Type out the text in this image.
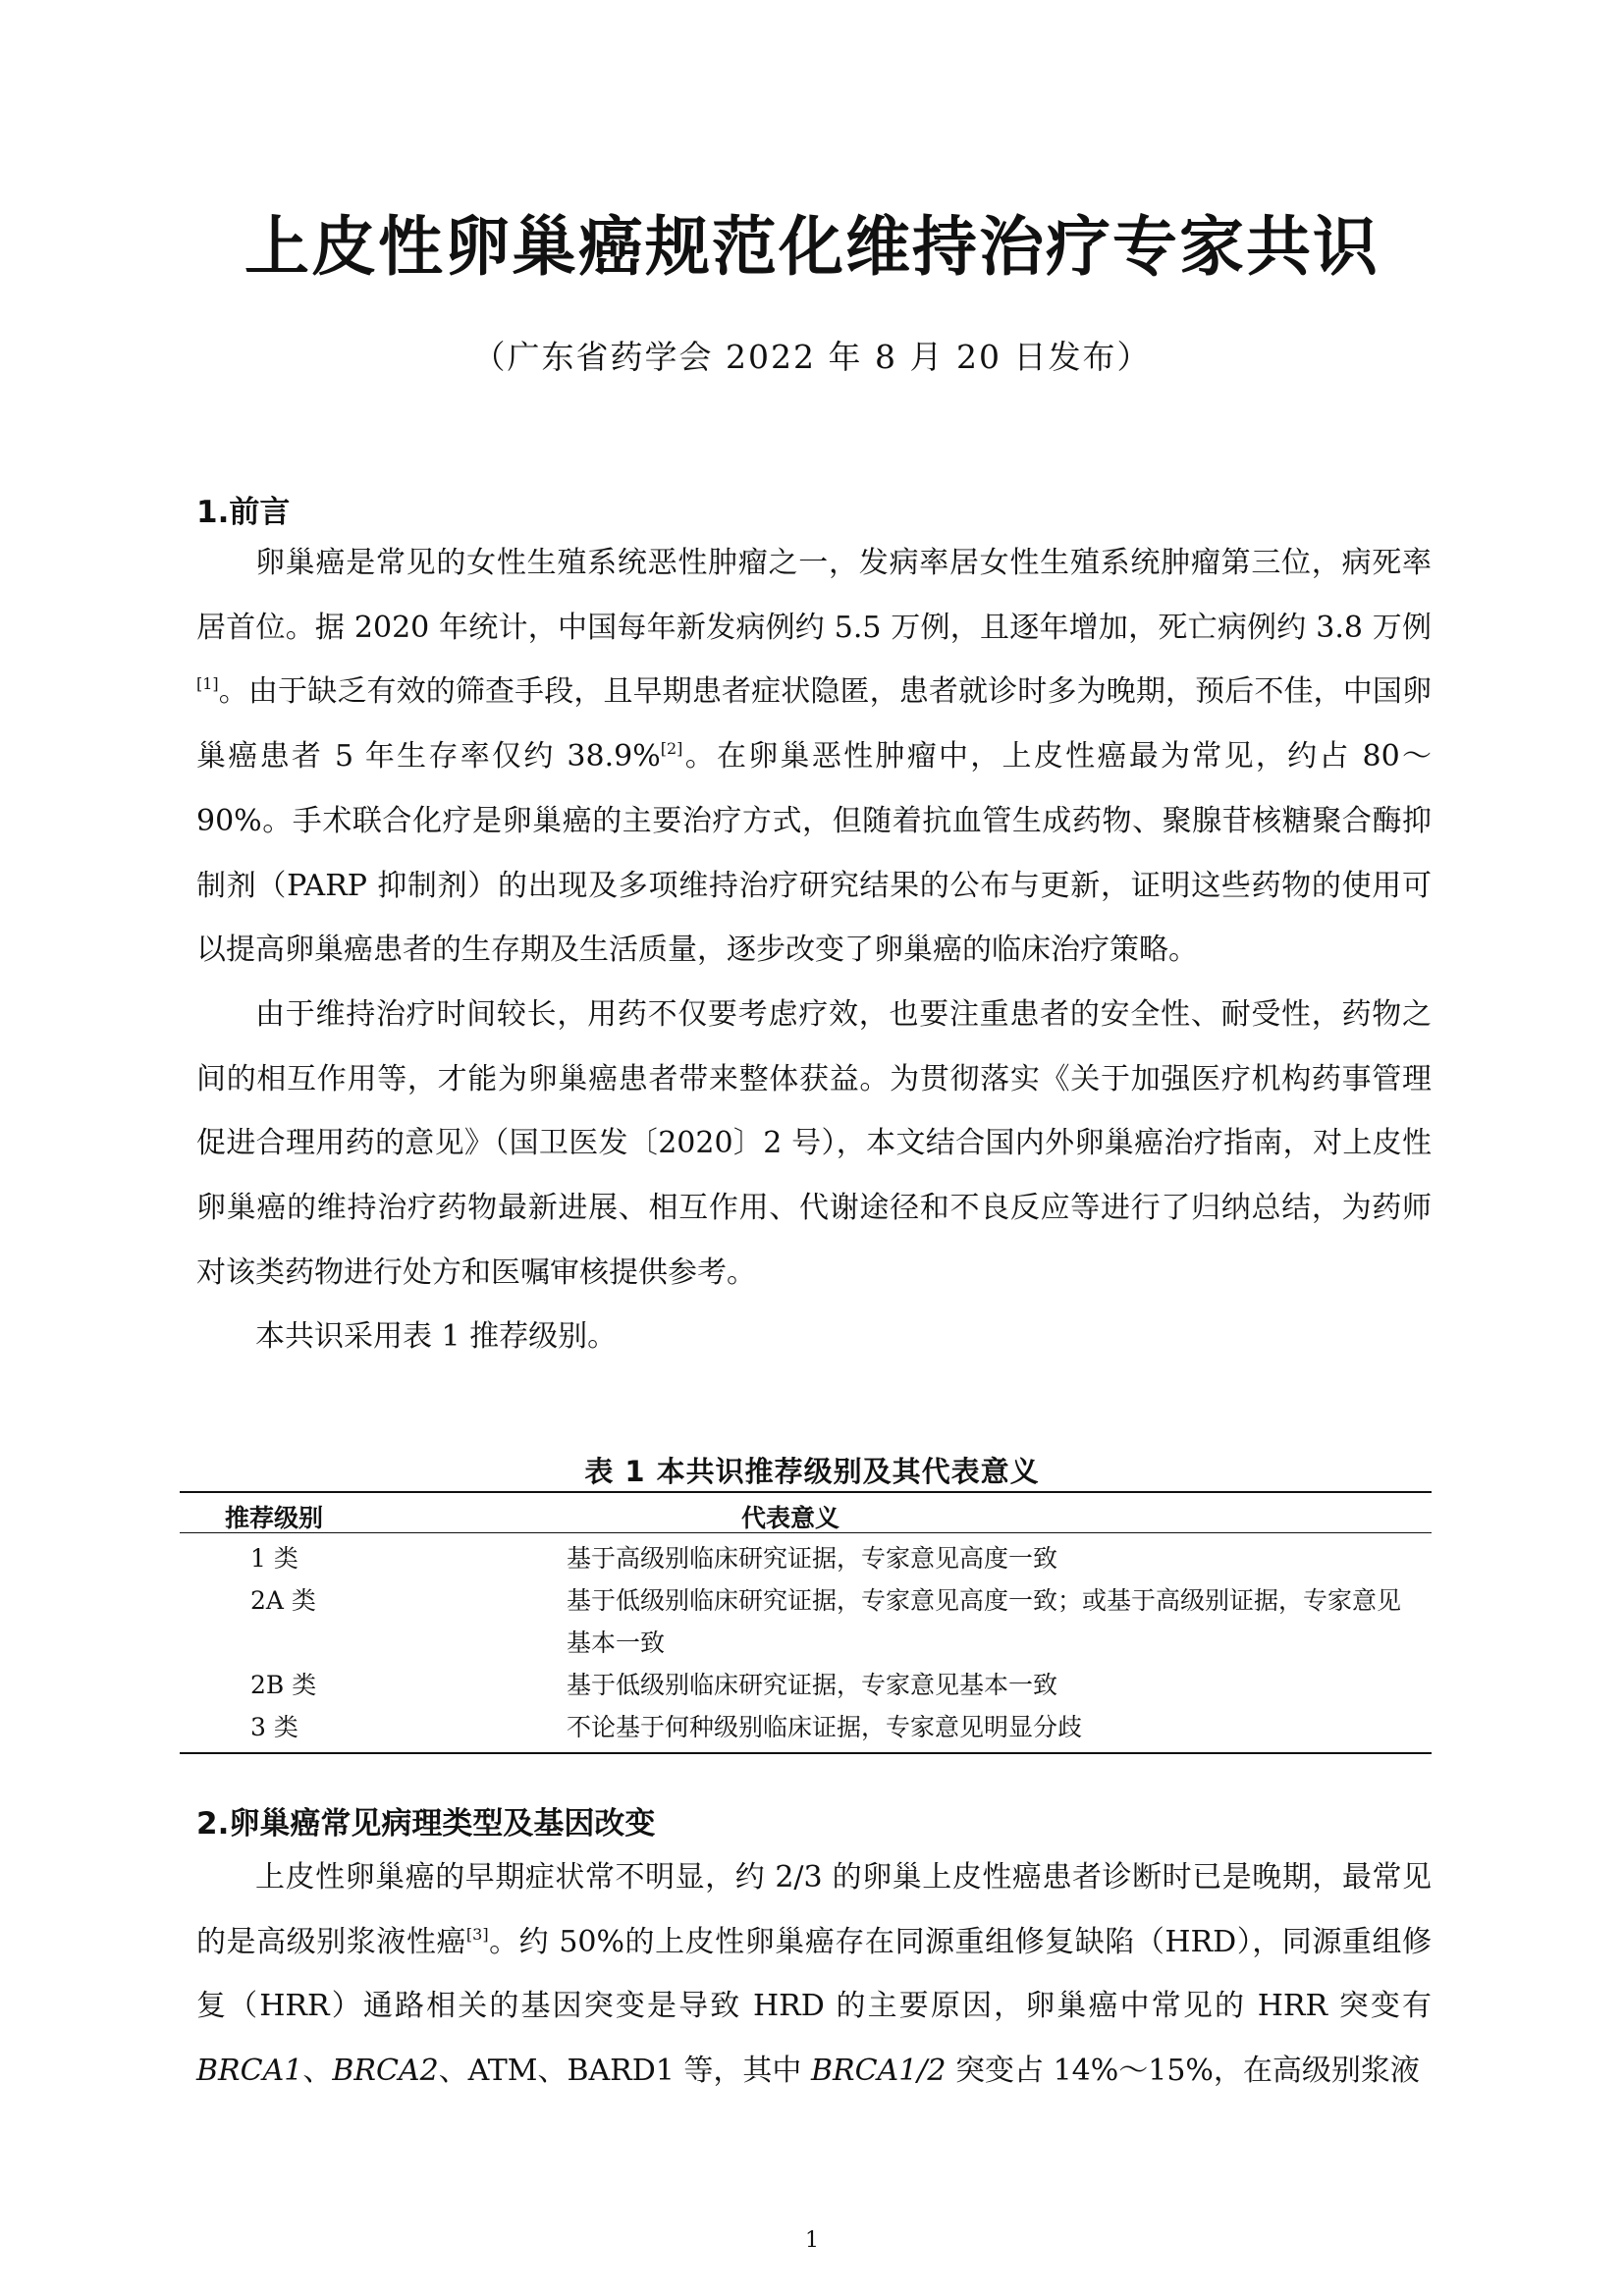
上皮性卵巢癌规范化维持治疗专家共识
（广东省药学会 2022 年 8 月 20 日发布）
1.前言

卵巢癌是常见的女性生殖系统恶性肿瘤之一，发病率居女性生殖系统肿瘤第三位，病死率居首位。据 2020 年统计，中国每年新发病例约 5.5 万例，且逐年增加，死亡病例约 3.8 万例[1]。由于缺乏有效的筛查手段，且早期患者症状隐匿，患者就诊时多为晚期，预后不佳，中国卵巢癌患者 5 年生存率仅约 38.9%[2]。在卵巢恶性肿瘤中，上皮性癌最为常见，约占 80～90%。手术联合化疗是卵巢癌的主要治疗方式，但随着抗血管生成药物、聚腺苷核糖聚合酶抑制剂（PARP 抑制剂）的出现及多项维持治疗研究结果的公布与更新，证明这些药物的使用可以提高卵巢癌患者的生存期及生活质量，逐步改变了卵巢癌的临床治疗策略。

由于维持治疗时间较长，用药不仅要考虑疗效，也要注重患者的安全性、耐受性，药物之间的相互作用等，才能为卵巢癌患者带来整体获益。为贯彻落实《关于加强医疗机构药事管理 促进合理用药的意见》（国卫医发〔2020〕2 号），本文结合国内外卵巢癌治疗指南，对上皮性卵巢癌的维持治疗药物最新进展、相互作用、代谢途径和不良反应等进行了归纳总结，为药师对该类药物进行处方和医嘱审核提供参考。

本共识采用表 1 推荐级别。

表 1 本共识推荐级别及其代表意义
推荐级别	代表意义
1 类	基于高级别临床研究证据，专家意见高度一致
2A 类	基于低级别临床研究证据，专家意见高度一致；或基于高级别证据，专家意见基本一致
2B 类	基于低级别临床研究证据，专家意见基本一致
3 类	不论基于何种级别临床证据，专家意见明显分歧
2.卵巢癌常见病理类型及基因改变

上皮性卵巢癌的早期症状常不明显，约 2/3 的卵巢上皮性癌患者诊断时已是晚期，最常见的是高级别浆液性癌[3]。约 50%的上皮性卵巢癌存在同源重组修复缺陷（HRD），同源重组修复（HRR）通路相关的基因突变是导致 HRD 的主要原因，卵巢癌中常见的 HRR 突变有 BRCA1、BRCA2、ATM、BARD1 等，其中 BRCA1/2 突变占 14%～15%，在高级别浆液

1
